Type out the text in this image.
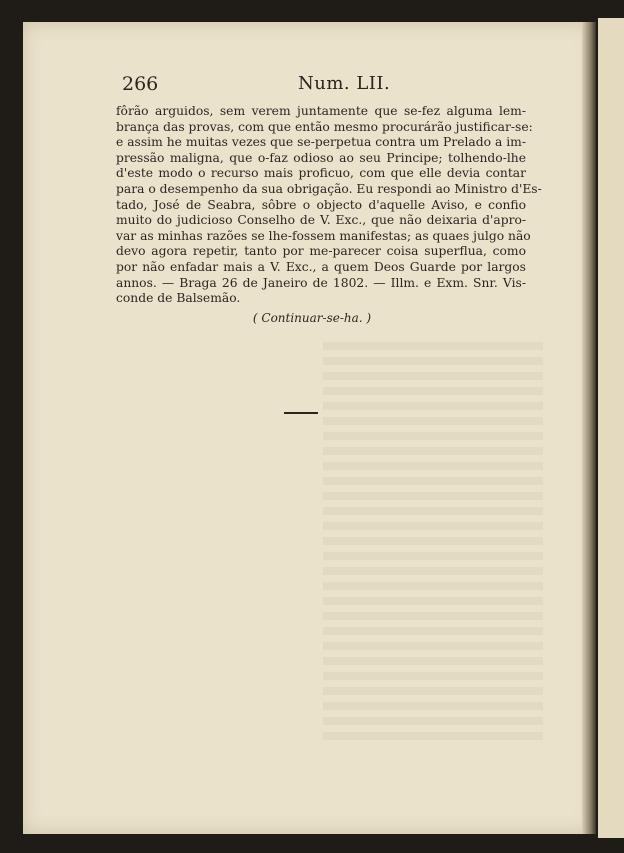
266	Num. LII.
fôrão arguidos, sem verem juntamente que se-fez alguma lem-
brança das provas, com que então mesmo procurárão justificar-se:
e assim he muitas vezes que se-perpetua contra um Prelado a im-
pressão maligna, que o-faz odioso ao seu Principe; tolhendo-lhe
d'este modo o recurso mais proficuo, com que elle devia contar
para o desempenho da sua obrigação. Eu respondi ao Ministro d'Es-
tado, José de Seabra, sôbre o objecto d'aquelle Aviso, e confio
muito do judicioso Conselho de V. Exc., que não deixaria d'apro-
var as minhas razões se lhe-fossem manifestas; as quaes julgo não
devo agora repetir, tanto por me-parecer coisa superflua, como
por não enfadar mais a V. Exc., a quem Deos Guarde por largos
annos. — Braga 26 de Janeiro de 1802. — Illm. e Exm. Snr. Vis-
conde de Balsemão.
( Continuar-se-ha. )
